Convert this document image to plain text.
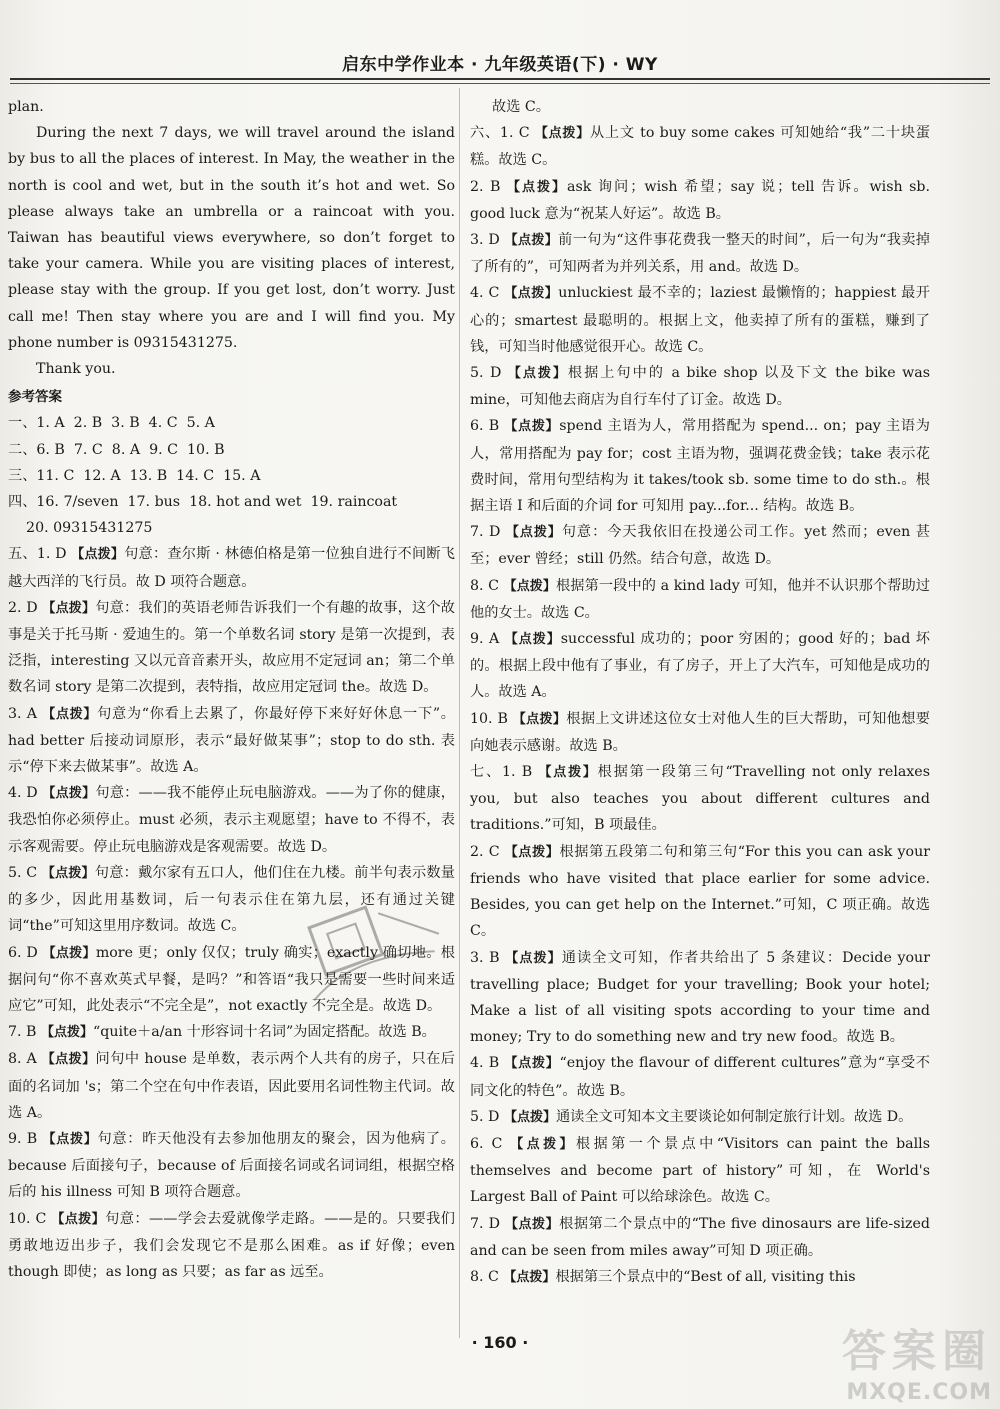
启东中学作业本 · 九年级英语(下) · WY

plan.

During the next 7 days, we will travel around the island by bus to all the places of interest. In May, the weather in the north is cool and wet, but in the south it’s hot and wet. So please always take an umbrella or a raincoat with you. Taiwan has beautiful views everywhere, so don’t forget to take your camera. While you are visiting places of interest, please stay with the group. If you get lost, don’t worry. Just call me! Then stay where you are and I will find you. My phone number is 09315431275.

Thank you.

参考答案

一、1. A  2. B  3. B  4. C  5. A

二、6. B  7. C  8. A  9. C  10. B

三、11. C  12. A  13. B  14. C  15. A

四、16. 7/seven  17. bus  18. hot and wet  19. raincoat

20. 09315431275

五、1. D 【点拨】句意：查尔斯 · 林德伯格是第一位独自进行不间断飞越大西洋的飞行员。故 D 项符合题意。

2. D 【点拨】句意：我们的英语老师告诉我们一个有趣的故事，这个故事是关于托马斯 · 爱迪生的。第一个单数名词 story 是第一次提到，表泛指，interesting 又以元音音素开头，故应用不定冠词 an；第二个单数名词 story 是第二次提到，表特指，故应用定冠词 the。故选 D。

3. A 【点拨】句意为“你看上去累了，你最好停下来好好休息一下”。had better 后接动词原形，表示“最好做某事”；stop to do sth. 表示“停下来去做某事”。故选 A。

4. D 【点拨】句意：——我不能停止玩电脑游戏。——为了你的健康，我恐怕你必须停止。must 必须，表示主观愿望；have to 不得不，表示客观需要。停止玩电脑游戏是客观需要。故选 D。

5. C 【点拨】句意：戴尔家有五口人，他们住在九楼。前半句表示数量的多少，因此用基数词，后一句表示住在第九层，还有通过关键词“the”可知这里用序数词。故选 C。

6. D 【点拨】more 更；only 仅仅；truly 确实；exactly 确切地。根据问句“你不喜欢英式早餐，是吗？”和答语“我只是需要一些时间来适应它”可知，此处表示“不完全是”，not exactly 不完全是。故选 D。

7. B 【点拨】“quite＋a/an 十形容词十名词”为固定搭配。故选 B。

8. A 【点拨】问句中 house 是单数，表示两个人共有的房子，只在后面的名词加 's；第二个空在句中作表语，因此要用名词性物主代词。故选 A。

9. B 【点拨】句意：昨天他没有去参加他朋友的聚会，因为他病了。because 后面接句子，because of 后面接名词或名词词组，根据空格后的 his illness 可知 B 项符合题意。

10. C 【点拨】句意：——学会去爱就像学走路。——是的。只要我们勇敢地迈出步子，我们会发现它不是那么困难。as if 好像；even though 即使；as long as 只要；as far as 远至。

故选 C。

六、1. C 【点拨】从上文 to buy some cakes 可知她给“我”二十块蛋糕。故选 C。

2. B 【点拨】ask 询问；wish 希望；say 说；tell 告诉。wish sb. good luck 意为“祝某人好运”。故选 B。

3. D 【点拨】前一句为“这件事花费我一整天的时间”，后一句为“我卖掉了所有的”，可知两者为并列关系，用 and。故选 D。

4. C 【点拨】unluckiest 最不幸的；laziest 最懒惰的；happiest 最开心的；smartest 最聪明的。根据上文，他卖掉了所有的蛋糕，赚到了钱，可知当时他感觉很开心。故选 C。

5. D 【点拨】根据上句中的 a bike shop 以及下文 the bike was mine，可知他去商店为自行车付了订金。故选 D。

6. B 【点拨】spend 主语为人，常用搭配为 spend... on；pay 主语为人，常用搭配为 pay for；cost 主语为物，强调花费金钱；take 表示花费时间，常用句型结构为 it takes/took sb. some time to do sth.。根据主语 I 和后面的介词 for 可知用 pay...for... 结构。故选 B。

7. D 【点拨】句意：今天我依旧在投递公司工作。yet 然而；even 甚至；ever 曾经；still 仍然。结合句意，故选 D。

8. C 【点拨】根据第一段中的 a kind lady 可知，他并不认识那个帮助过他的女士。故选 C。

9. A 【点拨】successful 成功的；poor 穷困的；good 好的；bad 坏的。根据上段中他有了事业，有了房子，开上了大汽车，可知他是成功的人。故选 A。

10. B 【点拨】根据上文讲述这位女士对他人生的巨大帮助，可知他想要向她表示感谢。故选 B。

七、1. B 【点拨】根据第一段第三句“Travelling not only relaxes you, but also teaches you about different cultures and traditions.”可知，B 项最佳。

2. C 【点拨】根据第五段第二句和第三句“For this you can ask your friends who have visited that place earlier for some advice. Besides, you can get help on the Internet.”可知，C 项正确。故选 C。

3. B 【点拨】通读全文可知，作者共给出了 5 条建议：Decide your travelling place; Budget for your travelling; Book your hotel; Make a list of all visiting spots according to your time and money; Try to do something new and try new food。故选 B。

4. B 【点拨】“enjoy the flavour of different cultures”意为“享受不同文化的特色”。故选 B。

5. D 【点拨】通读全文可知本文主要谈论如何制定旅行计划。故选 D。

6. C 【点拨】根据第一个景点中“Visitors can paint the balls themselves and become part of history”可知，在 World's Largest Ball of Paint 可以给球涂色。故选 C。

7. D 【点拨】根据第二个景点中的“The five dinosaurs are life-sized and can be seen from miles away”可知 D 项正确。

8. C 【点拨】根据第三个景点中的“Best of all, visiting this

· 160 ·	答案圈
MXQE.COM
